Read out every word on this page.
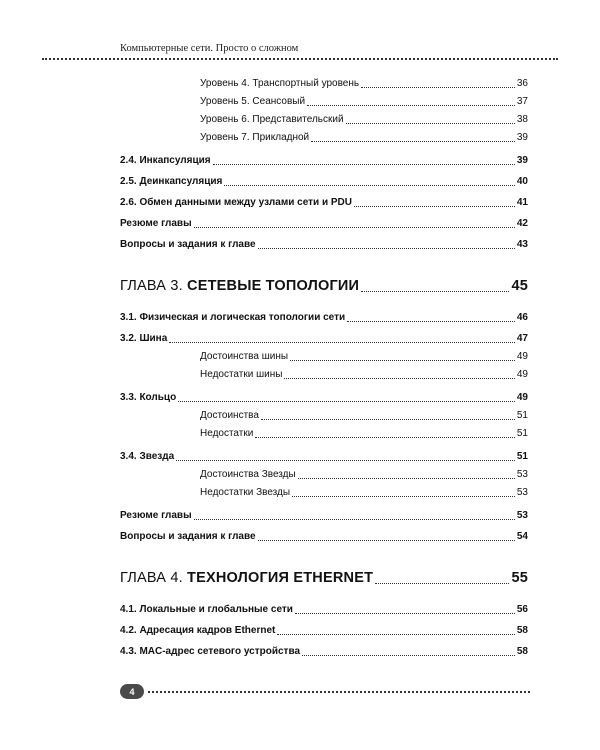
Компьютерные сети. Просто о сложном
Уровень 4. Транспортный уровень	36
Уровень 5. Сеансовый	37
Уровень 6. Представительский	38
Уровень 7. Прикладной	39
2.4. Инкапсуляция	39
2.5. Деинкапсуляция	40
2.6. Обмен данными между узлами сети и PDU	41
Резюме главы	42
Вопросы и задания к главе	43
ГЛАВА 3. СЕТЕВЫЕ ТОПОЛОГИИ	45
3.1. Физическая и логическая топологии сети	46
3.2. Шина	47
Достоинства шины	49
Недостатки шины	49
3.3. Кольцо	49
Достоинства	51
Недостатки	51
3.4. Звезда	51
Достоинства Звезды	53
Недостатки Звезды	53
Резюме главы	53
Вопросы и задания к главе	54
ГЛАВА 4. ТЕХНОЛОГИЯ ETHERNET	55
4.1. Локальные и глобальные сети	56
4.2. Адресация кадров Ethernet	58
4.3. MAC-адрес сетевого устройства	58
4
